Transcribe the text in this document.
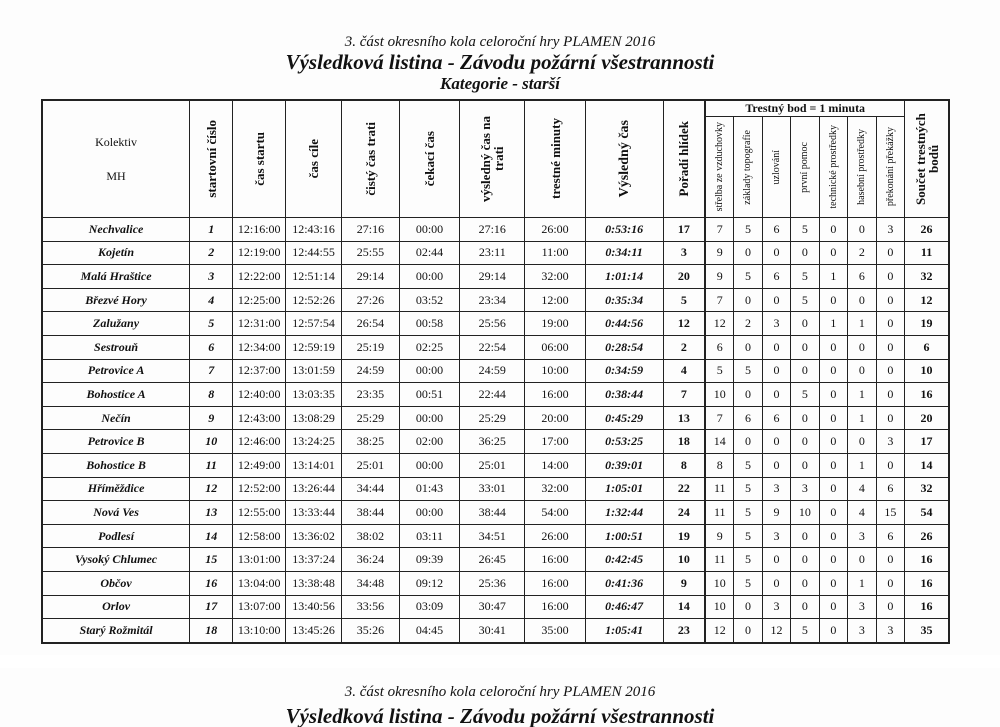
3. část okresního kola celoroční hry PLAMEN 2016
Výsledková listina - Závodu požární všestrannosti
Kategorie - starší
Kolektiv
MH	startovní číslo	čas startu	čas cíle	čistý čas trati	čekací čas	výsledný čas na trati	trestné minuty	Výsledný čas	Pořadí hlídek	Trestný bod = 1 minuta							Součet trestných bodů

										střelba ze vzduchovky	základy topografie	uzlování	první pomoc	technické prostředky	hasební prostředky	překonání překážky	

Nechvalice	1	12:16:00	12:43:16	27:16	00:00	27:16	26:00	0:53:16	17	7	5	6	5	0	0	3	26
Kojetín	2	12:19:00	12:44:55	25:55	02:44	23:11	11:00	0:34:11	3	9	0	0	0	0	2	0	11
Malá Hraštice	3	12:22:00	12:51:14	29:14	00:00	29:14	32:00	1:01:14	20	9	5	6	5	1	6	0	32
Březvé Hory	4	12:25:00	12:52:26	27:26	03:52	23:34	12:00	0:35:34	5	7	0	0	5	0	0	0	12
Zalužany	5	12:31:00	12:57:54	26:54	00:58	25:56	19:00	0:44:56	12	12	2	3	0	1	1	0	19
Sestrouň	6	12:34:00	12:59:19	25:19	02:25	22:54	06:00	0:28:54	2	6	0	0	0	0	0	0	6
Petrovice A	7	12:37:00	13:01:59	24:59	00:00	24:59	10:00	0:34:59	4	5	5	0	0	0	0	0	10
Bohostice A	8	12:40:00	13:03:35	23:35	00:51	22:44	16:00	0:38:44	7	10	0	0	5	0	1	0	16
Nečín	9	12:43:00	13:08:29	25:29	00:00	25:29	20:00	0:45:29	13	7	6	6	0	0	1	0	20
Petrovice B	10	12:46:00	13:24:25	38:25	02:00	36:25	17:00	0:53:25	18	14	0	0	0	0	0	3	17
Bohostice B	11	12:49:00	13:14:01	25:01	00:00	25:01	14:00	0:39:01	8	8	5	0	0	0	1	0	14
Hříměždice	12	12:52:00	13:26:44	34:44	01:43	33:01	32:00	1:05:01	22	11	5	3	3	0	4	6	32
Nová Ves	13	12:55:00	13:33:44	38:44	00:00	38:44	54:00	1:32:44	24	11	5	9	10	0	4	15	54
Podlesí	14	12:58:00	13:36:02	38:02	03:11	34:51	26:00	1:00:51	19	9	5	3	0	0	3	6	26
Vysoký Chlumec	15	13:01:00	13:37:24	36:24	09:39	26:45	16:00	0:42:45	10	11	5	0	0	0	0	0	16
Občov	16	13:04:00	13:38:48	34:48	09:12	25:36	16:00	0:41:36	9	10	5	0	0	0	1	0	16
Orlov	17	13:07:00	13:40:56	33:56	03:09	30:47	16:00	0:46:47	14	10	0	3	0	0	3	0	16
Starý Rožmitál	18	13:10:00	13:45:26	35:26	04:45	30:41	35:00	1:05:41	23	12	0	12	5	0	3	3	35
3. část okresního kola celoroční hry PLAMEN 2016
Výsledková listina - Závodu požární všestrannosti
